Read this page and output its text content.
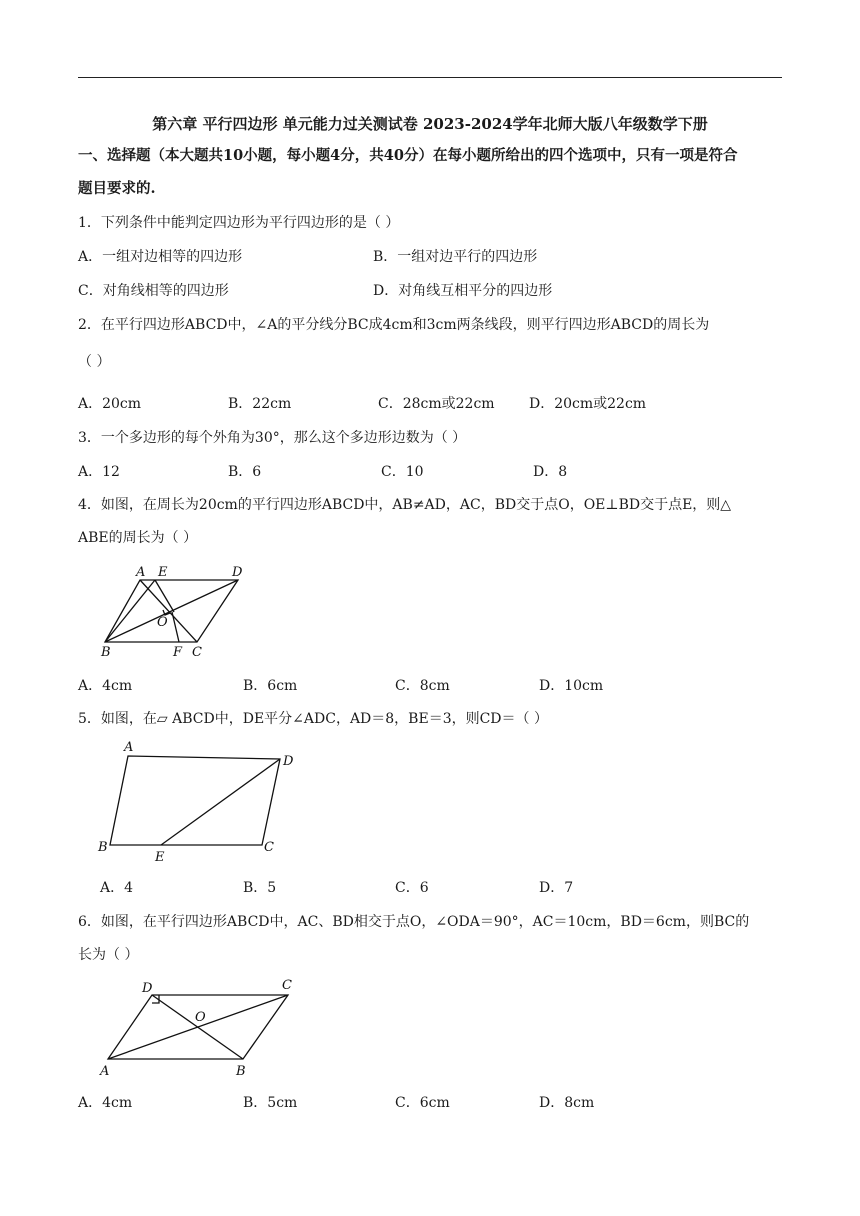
第六章 平行四边形 单元能力过关测试卷 2023-2024学年北师大版八年级数学下册
一、选择题（本大题共10小题，每小题4分，共40分）在每小题所给出的四个选项中，只有一项是符合
题目要求的.
1．下列条件中能判定四边形为平行四边形的是（ ）
A．一组对边相等的四边形	B．一组对边平行的四边形
C．对角线相等的四边形	D．对角线互相平分的四边形
2．在平行四边形ABCD中，∠A的平分线分BC成4cm和3cm两条线段，则平行四边形ABCD的周长为
（ ）
A．20cm	B．22cm	C．28cm或22cm D．20cm或22cm
3．一个多边形的每个外角为30°，那么这个多边形边数为（ ）
A．12	B．6	C．10	D．8
4．如图，在周长为20cm的平行四边形ABCD中，AB≠AD，AC，BD交于点O，OE⊥BD交于点E，则△
ABE的周长为（ ）
A E	D
O
B	F C
A．4cm	B．6cm	C．8cm	D．10cm
5．如图，在▱ ABCD中，DE平分∠ADC，AD＝8，BE＝3，则CD＝（ ）
A
D
B
E
C
A．4	B．5	C．6	D．7
6．如图，在平行四边形ABCD中，AC、BD相交于点O，∠ODA＝90°，AC＝10cm，BD＝6cm，则BC的
长为（ ）
D	C
O
A	B
A．4cm	B．5cm	C．6cm	D．8cm
